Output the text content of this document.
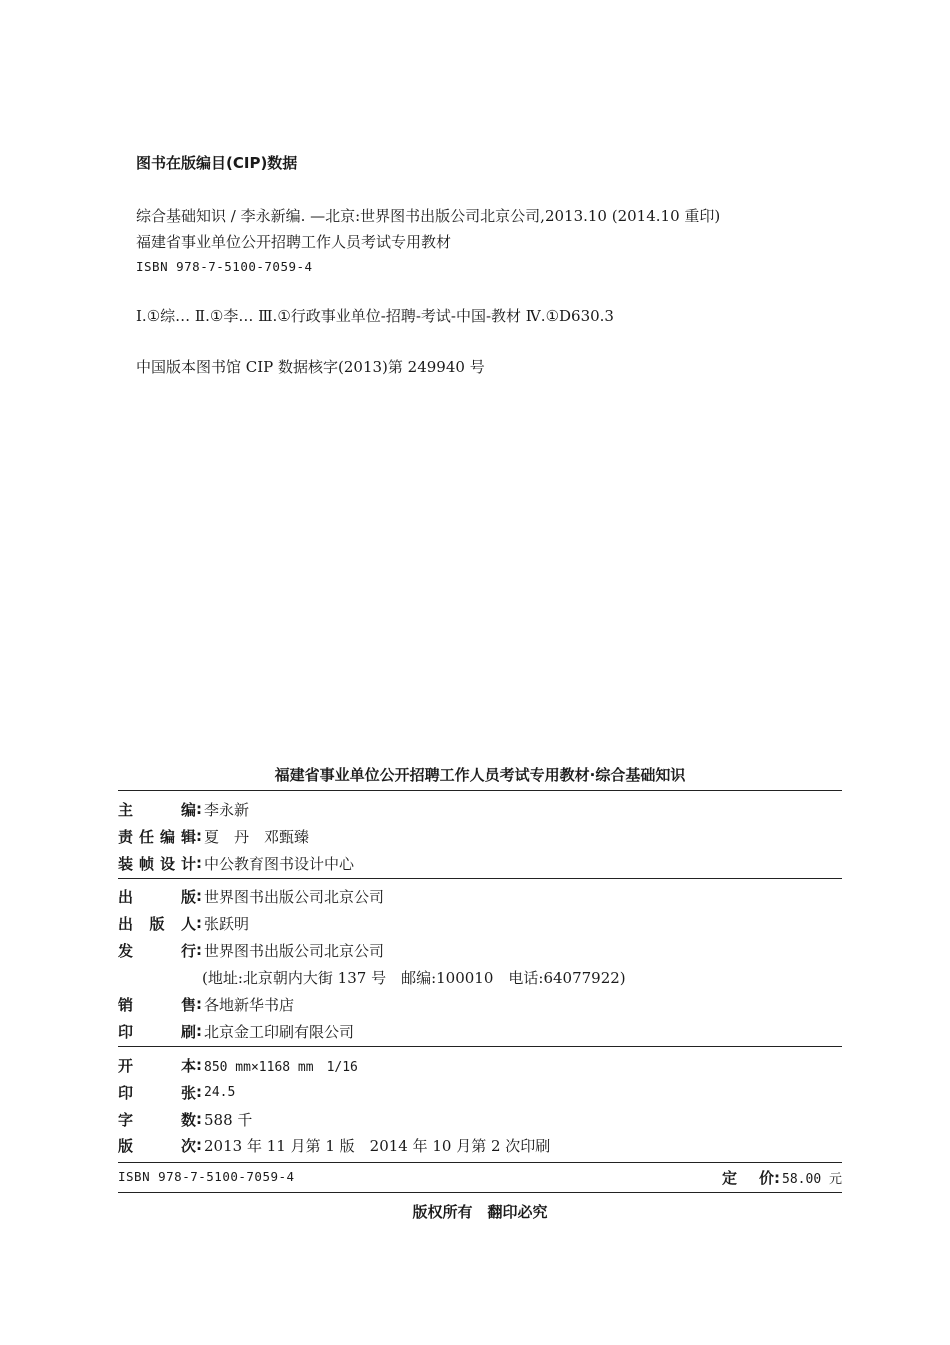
图书在版编目(CIP)数据
综合基础知识 / 李永新编. —北京:世界图书出版公司北京公司,2013.10 (2014.10 重印)
福建省事业单位公开招聘工作人员考试专用教材
ISBN 978-7-5100-7059-4
Ⅰ.①综… Ⅱ.①李… Ⅲ.①行政事业单位-招聘-考试-中国-教材 Ⅳ.①D630.3
中国版本图书馆 CIP 数据核字(2013)第 249940 号
福建省事业单位公开招聘工作人员考试专用教材·综合基础知识
主	编 : 李永新
责 任 编 辑 : 夏　丹　邓甄臻
装 帧 设 计 : 中公教育图书设计中心
出	版 : 世界图书出版公司北京公司
出 版 人 : 张跃明
发	行 : 世界图书出版公司北京公司
(地址:北京朝内大街 137 号　邮编:100010　电话:64077922)
销	售 : 各地新华书店
印	刷 : 北京金工印刷有限公司
开	本 : 850 mm×1168 mm　1/16
印	张 : 24.5
字	数 : 588 千
版	次 : 2013 年 11 月第 1 版　2014 年 10 月第 2 次印刷
ISBN 978-7-5100-7059-4	定 价 : 58.00 元
版权所有　翻印必究
